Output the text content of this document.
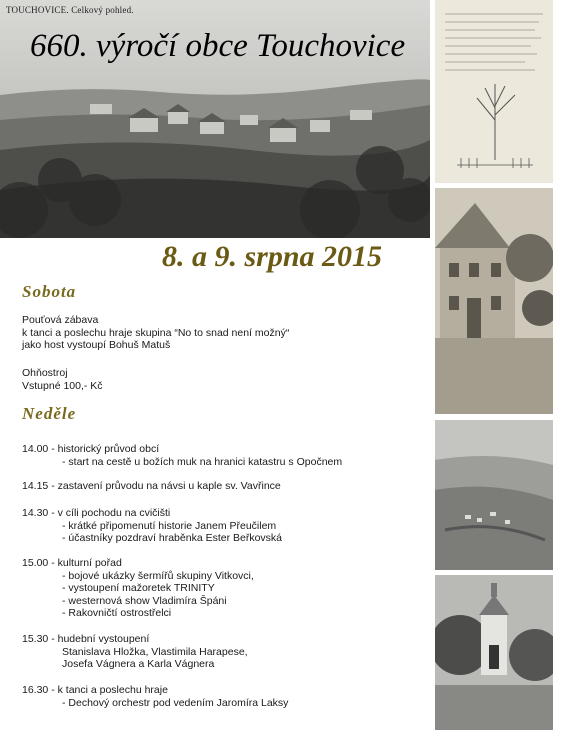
TOUCHOVICE. Celkový pohled.
660. výročí obce Touchovice
8. a 9. srpna 2015
Sobota
Pouťová zábava
k tanci a poslechu hraje skupina “No to snad není možný“
jako host vystoupí Bohuš Matuš
Ohňostroj
Vstupné 100,- Kč
Neděle
14.00 - historický průvod obcí
- start na cestě u božích muk na hranici katastru s Opočnem
14.15 - zastavení průvodu na návsi u kaple sv. Vavřince
14.30 - v cíli pochodu na cvičišti
- krátké připomenutí historie Janem Přeučilem
- účastníky pozdraví hraběnka Ester Beřkovská
15.00 - kulturní pořad
- bojové ukázky šermířů skupiny Vitkovci,
- vystoupení mažoretek TRINITY
- westernová show Vladimíra Špáni
- Rakovničtí ostrostřelci
15.30 - hudební vystoupení
Stanislava Hložka, Vlastimila Harapese,
Josefa Vágnera a Karla Vágnera
16.30 - k tanci a poslechu hraje
- Dechový orchestr pod vedením Jaromíra Laksy
